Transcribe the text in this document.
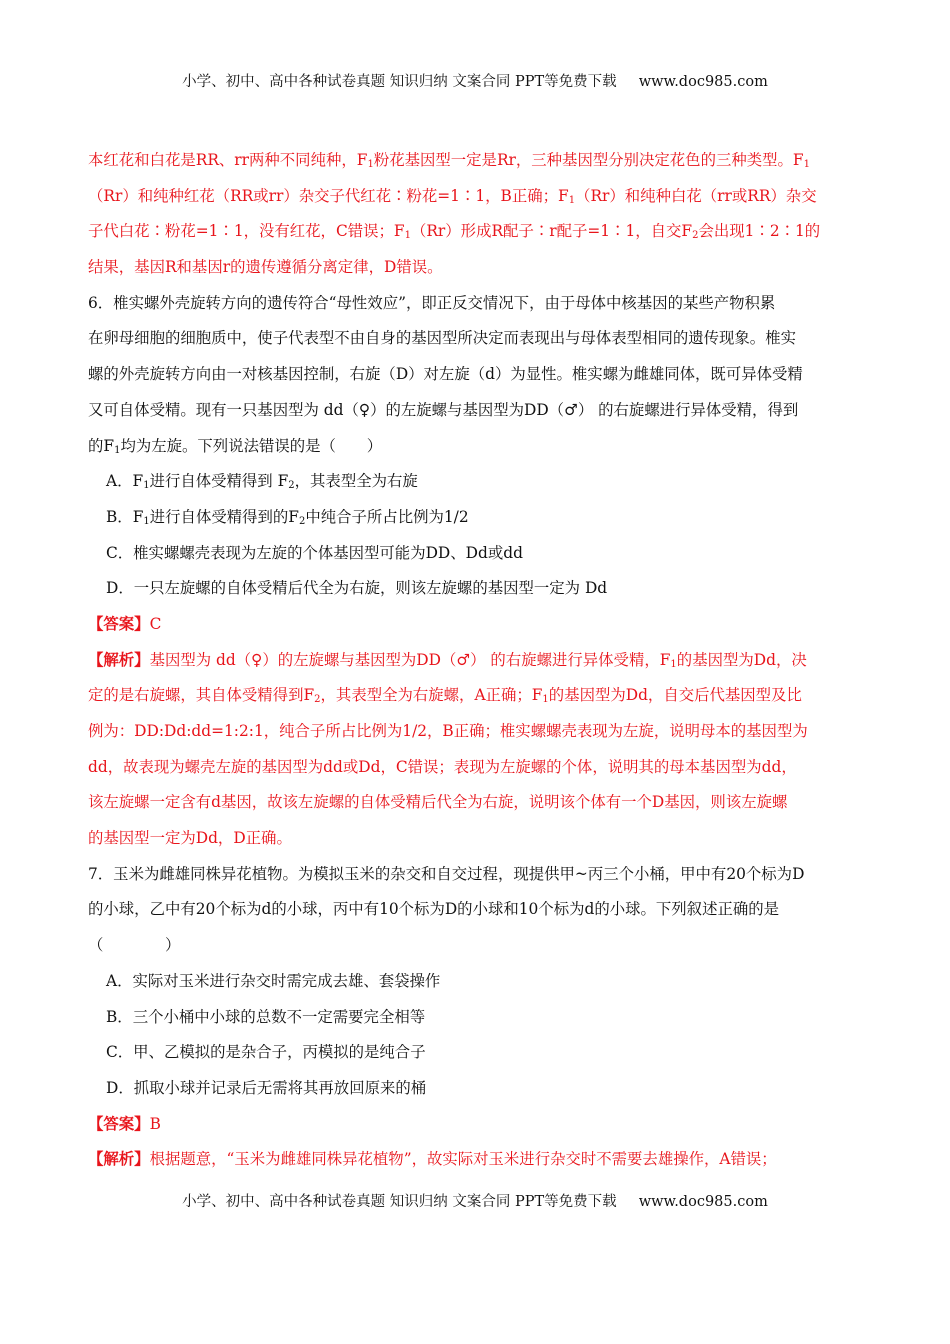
小学、初中、高中各种试卷真题 知识归纳 文案合同 PPT等免费下载 www.doc985.com
本红花和白花是RR、rr两种不同纯种，$F_1$粉花基因型一定是Rr，三种基因型分别决定花色的三种类型。$F_1$
（Rr）和纯种红花（RR或rr）杂交子代红花∶粉花=1∶1，B正确；$F_1(Rr)$和纯种白花（rr或RR）杂交
子代白花∶粉花=1∶1，没有红花，C错误；$F_1(Rr)$形成R配子∶r配子=1∶1，自交$F_2$会出现1∶2∶1的
结果，基因R和基因r的遗传遵循分离定律，D错误。
6．椎实螺外壳旋转方向的遗传符合“母性效应”，即正反交情况下，由于母体中核基因的某些产物积累
在卵母细胞的细胞质中，使子代表型不由自身的基因型所决定而表现出与母体表型相同的遗传现象。椎实
螺的外壳旋转方向由一对核基因控制，右旋（D）对左旋（d）为显性。椎实螺为雌雄同体，既可异体受精
又可自体受精。现有一只基因型为 dd（♀）的左旋螺与基因型为DD（♂） 的右旋螺进行异体受精，得到
的$F_1$均为左旋。下列说法错误的是（　　）
A．$F_1$进行自体受精得到 $F_2$，其表型全为右旋
B．$F_1$进行自体受精得到的$F_2$中纯合子所占比例为1/2
C．椎实螺螺壳表现为左旋的个体基因型可能为DD、Dd或dd
D．一只左旋螺的自体受精后代全为右旋，则该左旋螺的基因型一定为 Dd
【答案】C
【解析】基因型为 dd（♀）的左旋螺与基因型为DD（♂） 的右旋螺进行异体受精，$F_1$的基因型为Dd，决
定的是右旋螺，其自体受精得到$F_2$，其表型全为右旋螺，A正确；$F_1$的基因型为Dd，自交后代基因型及比
例为：DD:Dd:dd=1:2:1，纯合子所占比例为1/2，B正确；椎实螺螺壳表现为左旋，说明母本的基因型为
dd，故表现为螺壳左旋的基因型为dd或Dd，C错误；表现为左旋螺的个体，说明其的母本基因型为dd，
该左旋螺一定含有d基因，故该左旋螺的自体受精后代全为右旋，说明该个体有一个D基因，则该左旋螺
的基因型一定为Dd，D正确。
7．玉米为雌雄同株异花植物。为模拟玉米的杂交和自交过程，现提供甲~丙三个小桶，甲中有20个标为D
的小球，乙中有20个标为d的小球，丙中有10个标为D的小球和10个标为d的小球。下列叙述正确的是
（　　　　）
A．实际对玉米进行杂交时需完成去雄、套袋操作
B．三个小桶中小球的总数不一定需要完全相等
C．甲、乙模拟的是杂合子，丙模拟的是纯合子
D．抓取小球并记录后无需将其再放回原来的桶
【答案】B
【解析】根据题意，“玉米为雌雄同株异花植物”，故实际对玉米进行杂交时不需要去雄操作，A错误；
小学、初中、高中各种试卷真题 知识归纳 文案合同 PPT等免费下载 www.doc985.com
